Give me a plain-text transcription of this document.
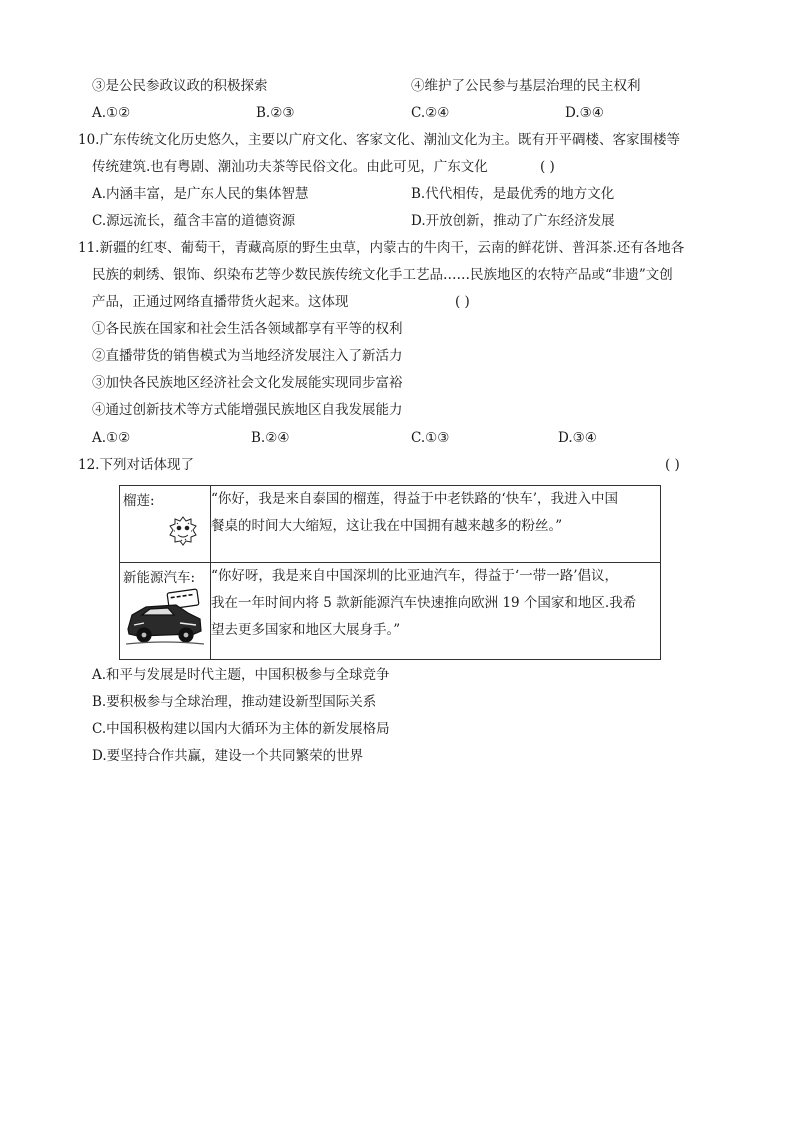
③是公民参政议政的积极探索	④维护了公民参与基层治理的民主权利
A.①②	B.②③	C.②④	D.③④
10.广东传统文化历史悠久，主要以广府文化、客家文化、潮汕文化为主。既有开平碉楼、客家围楼等
传统建筑.也有粤剧、潮汕功夫茶等民俗文化。由此可见，广东文化	( )
A.内涵丰富，是广东人民的集体智慧	B.代代相传，是最优秀的地方文化
C.源远流长，蕴含丰富的道德资源	D.开放创新，推动了广东经济发展
11.新疆的红枣、葡萄干，青藏高原的野生虫草，内蒙古的牛肉干，云南的鲜花饼、普洱茶.还有各地各
民族的刺绣、银饰、织染布艺等少数民族传统文化手工艺品……民族地区的农特产品或“非遗”文创
产品，正通过网络直播带货火起来。这体现	( )
①各民族在国家和社会生活各领域都享有平等的权利
②直播带货的销售模式为当地经济发展注入了新活力
③加快各民族地区经济社会文化发展能实现同步富裕
④通过创新技术等方式能增强民族地区自我发展能力
A.①②	B.②④	C.①③	D.③④
12.下列对话体现了	( )
榴莲:	“你好，我是来自泰国的榴莲，得益于中老铁路的‘快车’，我进入中国
餐桌的时间大大缩短，这让我在中国拥有越来越多的粉丝。”

新能源汽车:	“你好呀，我是来自中国深圳的比亚迪汽车，得益于‘一带一路’倡议，
我在一年时间内将 5 款新能源汽车快速推向欧洲 19 个国家和地区.我希
望去更多国家和地区大展身手。”
A.和平与发展是时代主题，中国积极参与全球竞争
B.要积极参与全球治理，推动建设新型国际关系
C.中国积极构建以国内大循环为主体的新发展格局
D.要坚持合作共赢，建设一个共同繁荣的世界
